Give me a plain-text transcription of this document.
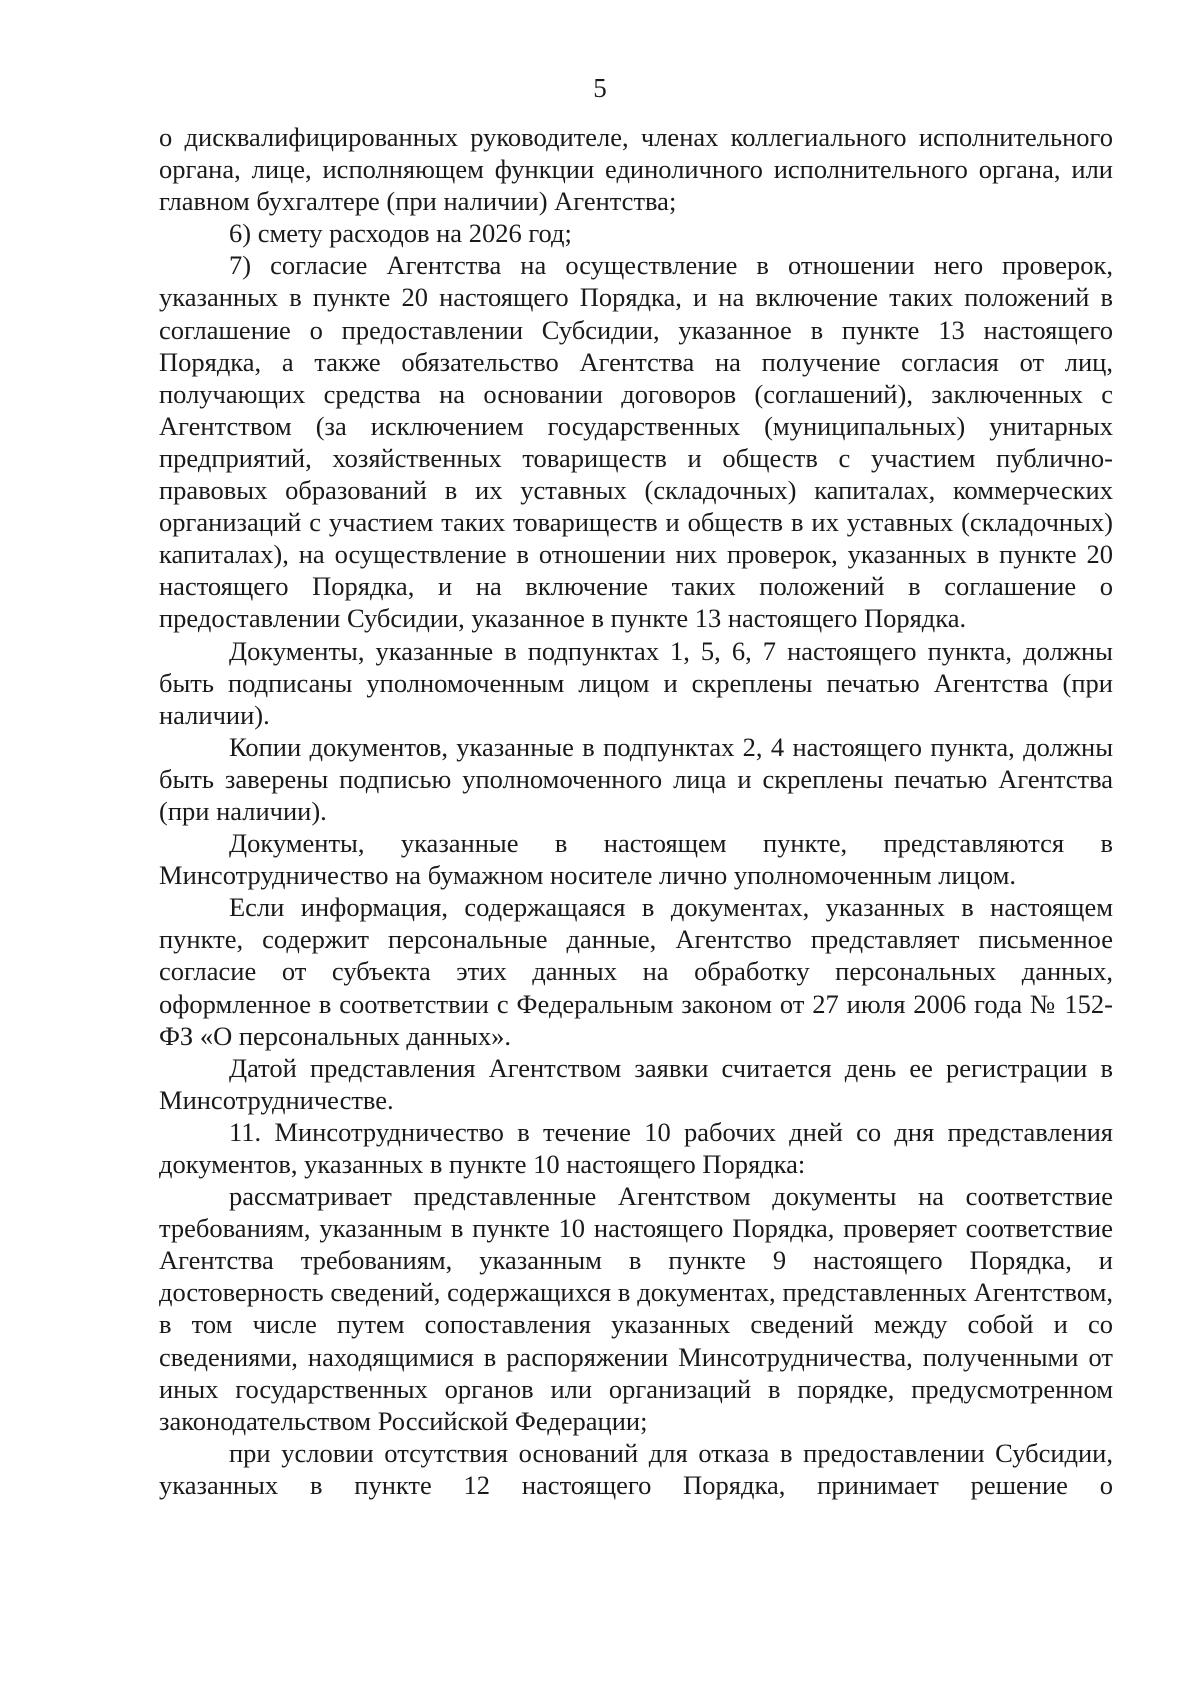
5

о дисквалифицированных руководителе, членах коллегиального исполнительного органа, лице, исполняющем функции единоличного исполнительного органа, или главном бухгалтере (при наличии) Агентства;

6) смету расходов на 2026 год;

7) согласие Агентства на осуществление в отношении него проверок, указанных в пункте 20 настоящего Порядка, и на включение таких положений в соглашение о предоставлении Субсидии, указанное в пункте 13 настоящего Порядка, а также обязательство Агентства на получение согласия от лиц, получающих средства на основании договоров (соглашений), заключенных с Агентством (за исключением государственных (муниципальных) унитарных предприятий, хозяйственных товариществ и обществ с участием публично-правовых образований в их уставных (складочных) капиталах, коммерческих организаций с участием таких товариществ и обществ в их уставных (складочных) капиталах), на осуществление в отношении них проверок, указанных в пункте 20 настоящего Порядка, и на включение таких положений в соглашение о предоставлении Субсидии, указанное в пункте 13 настоящего Порядка.

Документы, указанные в подпунктах 1, 5, 6, 7 настоящего пункта, должны быть подписаны уполномоченным лицом и скреплены печатью Агентства (при наличии).

Копии документов, указанные в подпунктах 2, 4 настоящего пункта, должны быть заверены подписью уполномоченного лица и скреплены печатью Агентства (при наличии).

Документы, указанные в настоящем пункте, представляются в Минсотрудничество на бумажном носителе лично уполномоченным лицом.

Если информация, содержащаяся в документах, указанных в настоящем пункте, содержит персональные данные, Агентство представляет письменное согласие от субъекта этих данных на обработку персональных данных, оформленное в соответствии с Федеральным законом от 27 июля 2006 года № 152-ФЗ «О персональных данных».

Датой представления Агентством заявки считается день ее регистрации в Минсотрудничестве.

11. Минсотрудничество в течение 10 рабочих дней со дня представления документов, указанных в пункте 10 настоящего Порядка:

рассматривает представленные Агентством документы на соответствие требованиям, указанным в пункте 10 настоящего Порядка, проверяет соответствие Агентства требованиям, указанным в пункте 9 настоящего Порядка, и достоверность сведений, содержащихся в документах, представленных Агентством, в том числе путем сопоставления указанных сведений между собой и со сведениями, находящимися в распоряжении Минсотрудничества, полученными от иных государственных органов или организаций в порядке, предусмотренном законодательством Российской Федерации;

при условии отсутствия оснований для отказа в предоставлении Субсидии, указанных в пункте 12 настоящего Порядка, принимает решение о
